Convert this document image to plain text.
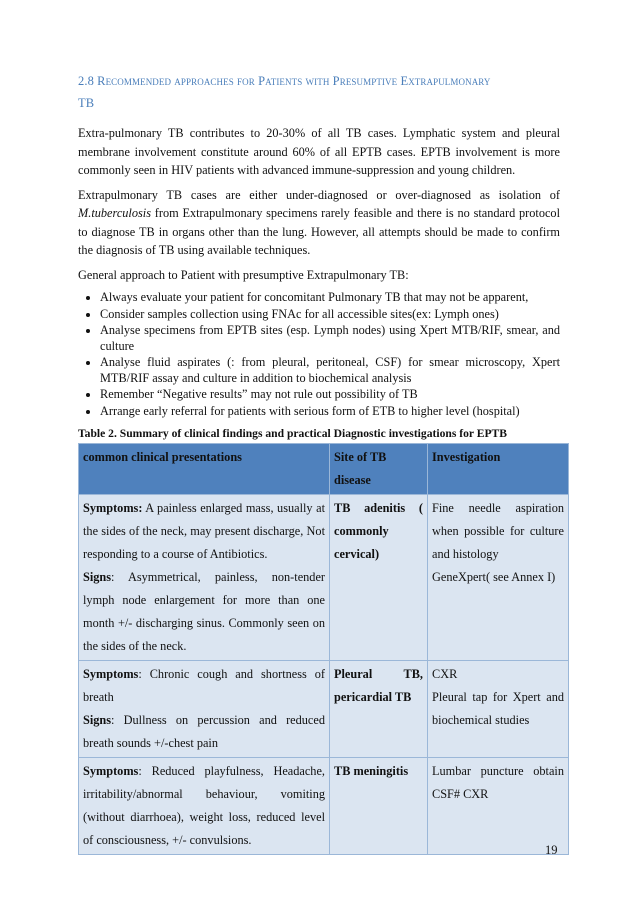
2.8 Recommended approaches for Patients with Presumptive Extrapulmonary
TB

Extra-pulmonary TB contributes to 20-30% of all TB cases. Lymphatic system and pleural membrane involvement constitute around 60% of all EPTB cases. EPTB involvement is more commonly seen in HIV patients with advanced immune-suppression and young children.

Extrapulmonary TB cases are either under-diagnosed or over-diagnosed as isolation of M.tuberculosis from Extrapulmonary specimens rarely feasible and there is no standard protocol to diagnose TB in organs other than the lung. However, all attempts should be made to confirm the diagnosis of TB using available techniques.

General approach to Patient with presumptive Extrapulmonary TB:

• Always evaluate your patient for concomitant Pulmonary TB that may not be apparent,
• Consider samples collection using FNAc for all accessible sites(ex: Lymph ones)
• Analyse specimens from EPTB sites (esp. Lymph nodes) using Xpert MTB/RIF, smear, and culture
• Analyse fluid aspirates (: from pleural, peritoneal, CSF) for smear microscopy, Xpert MTB/RIF assay and culture in addition to biochemical analysis
• Remember “Negative results” may not rule out possibility of TB
• Arrange early referral for patients with serious form of ETB to higher level (hospital)
Table 2. Summary of clinical findings and practical Diagnostic investigations for EPTB
common clinical presentations	Site of TB disease	Investigation

Symptoms: A painless enlarged mass, usually at the sides of the neck, may present discharge, Not responding to a course of Antibiotics.
Signs: Asymmetrical, painless, non-tender lymph node enlargement for more than one month +/- discharging sinus. Commonly seen on the sides of the neck.	TB adenitis ( commonly cervical)	Fine needle aspiration when possible for culture and histology
GeneXpert( see Annex I)

Symptoms: Chronic cough and shortness of breath
Signs: Dullness on percussion and reduced breath sounds +/-chest pain	Pleural TB, pericardial TB	CXR
Pleural tap for Xpert and biochemical studies

Symptoms: Reduced playfulness, Headache, irritability/abnormal behaviour, vomiting (without diarrhoea), weight loss, reduced level of consciousness, +/- convulsions.	TB meningitis	Lumbar puncture obtain CSF# CXR
19
